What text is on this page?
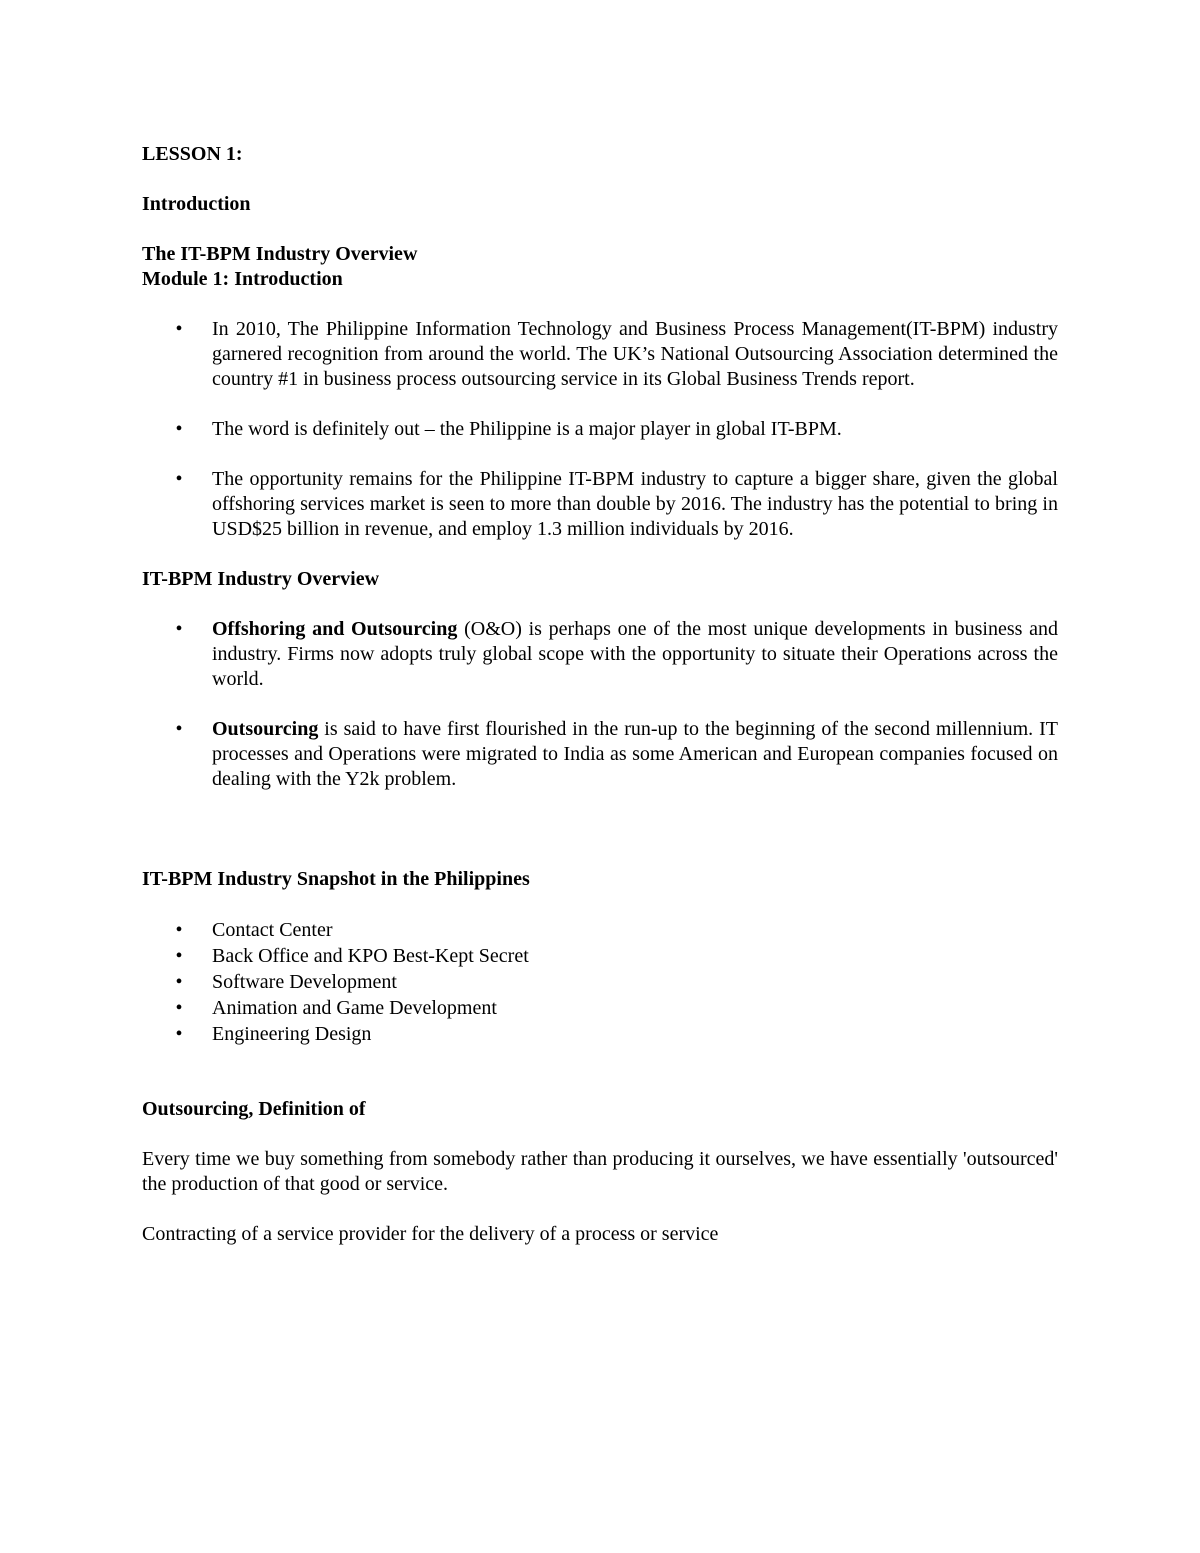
LESSON 1:

Introduction

The IT-BPM Industry Overview

Module 1: Introduction

• In 2010, The Philippine Information Technology and Business Process Management(IT-BPM) industry garnered recognition from around the world. The UK’s National Outsourcing Association determined the country #1 in business process outsourcing service in its Global Business Trends report.
• The word is definitely out – the Philippine is a major player in global IT-BPM.
• The opportunity remains for the Philippine IT-BPM industry to capture a bigger share, given the global offshoring services market is seen to more than double by 2016. The industry has the potential to bring in USD$25 billion in revenue, and employ 1.3 million individuals by 2016.

IT-BPM Industry Overview

• Offshoring and Outsourcing (O&O) is perhaps one of the most unique developments in business and industry. Firms now adopts truly global scope with the opportunity to situate their Operations across the world.
• Outsourcing is said to have first flourished in the run-up to the beginning of the second millennium. IT processes and Operations were migrated to India as some American and European companies focused on dealing with the Y2k problem.

IT-BPM Industry Snapshot in the Philippines

• Contact Center
• Back Office and KPO Best-Kept Secret
• Software Development
• Animation and Game Development
• Engineering Design

Outsourcing, Definition of

Every time we buy something from somebody rather than producing it ourselves, we have essentially 'outsourced' the production of that good or service.

Contracting of a service provider for the delivery of a process or service
